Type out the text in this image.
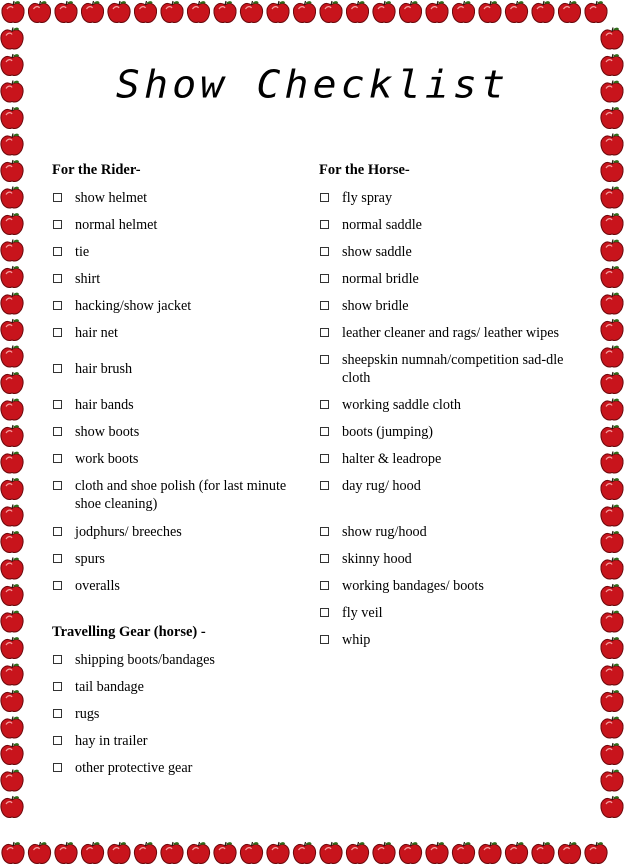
Show Checklist
For the Rider-
show helmet
normal helmet
tie
shirt
hacking/show jacket
hair net
hair brush
hair bands
show boots
work boots
cloth and shoe polish (for last minute shoe cleaning)
jodphurs/ breeches
spurs
overalls
Travelling Gear (horse) -
shipping boots/bandages
tail bandage
rugs
hay in trailer
other protective gear
For the Horse-
fly spray
normal saddle
show saddle
normal bridle
show bridle
leather cleaner and rags/ leather wipes
sheepskin numnah/competition sad-dle cloth
working saddle cloth
boots (jumping)
halter & leadrope
day rug/ hood
show rug/hood
skinny hood
working bandages/ boots
fly veil
whip
